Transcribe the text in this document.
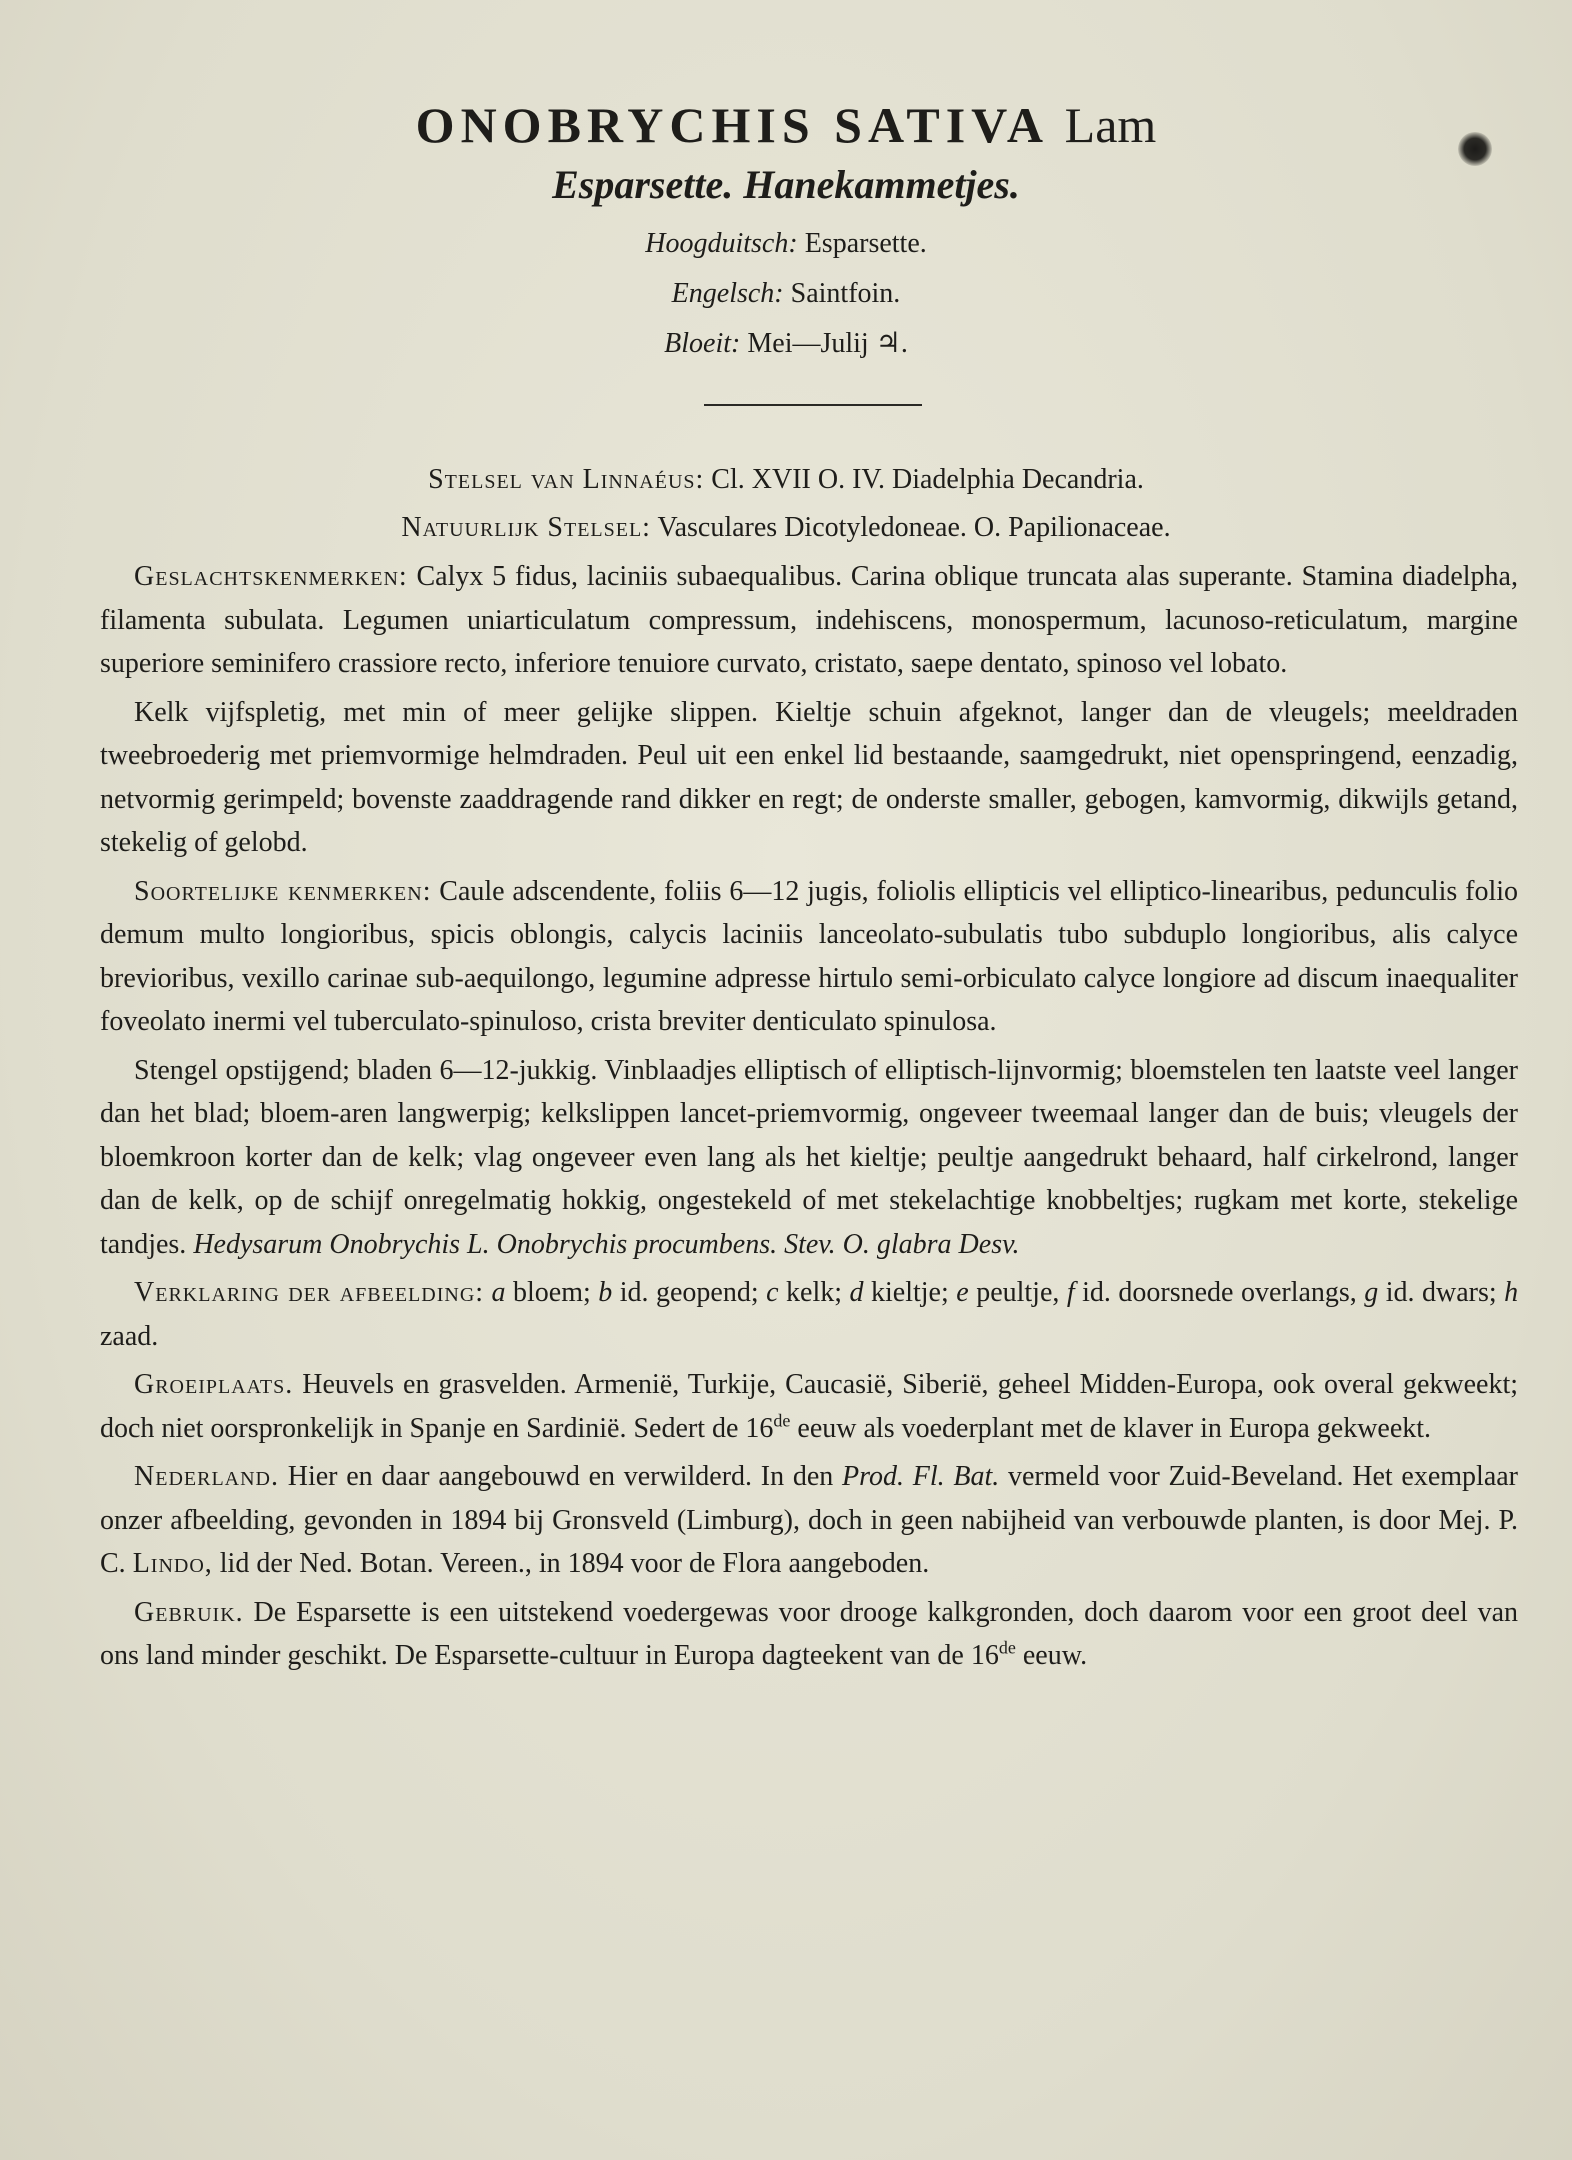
ONOBRYCHIS SATIVA Lam
Esparsette. Hanekammetjes.
Hoogduitsch: Esparsette.
Engelsch: Saintfoin.
Bloeit: Mei—Julij ♃.
Stelsel van Linnaéus: Cl. XVII O. IV. Diadelphia Decandria.
Natuurlijk Stelsel: Vasculares Dicotyledoneae. O. Papilionaceae.

Geslachtskenmerken: Calyx 5 fidus, laciniis subaequalibus. Carina oblique truncata alas superante. Stamina diadelpha, filamenta subulata. Legumen uniarticulatum compressum, indehiscens, monospermum, lacunoso-reticulatum, margine superiore seminifero crassiore recto, inferiore tenuiore curvato, cristato, saepe dentato, spinoso vel lobato.

Kelk vijfspletig, met min of meer gelijke slippen. Kieltje schuin afgeknot, langer dan de vleugels; meeldraden tweebroederig met priemvormige helmdraden. Peul uit een enkel lid bestaande, saamgedrukt, niet openspringend, eenzadig, netvormig gerimpeld; bovenste zaaddragende rand dikker en regt; de onderste smaller, gebogen, kamvormig, dikwijls getand, stekelig of gelobd.

Soortelijke kenmerken: Caule adscendente, foliis 6—12 jugis, foliolis ellipticis vel elliptico-linearibus, pedunculis folio demum multo longioribus, spicis oblongis, calycis laciniis lanceolato-subulatis tubo subduplo longioribus, alis calyce brevioribus, vexillo carinae sub-aequilongo, legumine adpresse hirtulo semi-orbiculato calyce longiore ad discum inaequaliter foveolato inermi vel tuberculato-spinuloso, crista breviter denticulato spinulosa.

Stengel opstijgend; bladen 6—12-jukkig. Vinblaadjes elliptisch of elliptisch-lijnvormig; bloemstelen ten laatste veel langer dan het blad; bloem-aren langwerpig; kelkslippen lancet-priemvormig, ongeveer tweemaal langer dan de buis; vleugels der bloemkroon korter dan de kelk; vlag ongeveer even lang als het kieltje; peultje aangedrukt behaard, half cirkelrond, langer dan de kelk, op de schijf onregelmatig hokkig, ongestekeld of met stekelachtige knobbeltjes; rugkam met korte, stekelige tandjes. Hedysarum Onobrychis L. Onobrychis procumbens. Stev. O. glabra Desv.

Verklaring der afbeelding: a bloem; b id. geopend; c kelk; d kieltje; e peultje, f id. doorsnede overlangs, g id. dwars; h zaad.

Groeiplaats. Heuvels en grasvelden. Armenië, Turkije, Caucasië, Siberië, geheel Midden-Europa, ook overal gekweekt; doch niet oorspronkelijk in Spanje en Sardinië. Sedert de 16de eeuw als voederplant met de klaver in Europa gekweekt.

Nederland. Hier en daar aangebouwd en verwilderd. In den Prod. Fl. Bat. vermeld voor Zuid-Beveland. Het exemplaar onzer afbeelding, gevonden in 1894 bij Gronsveld (Limburg), doch in geen nabijheid van verbouwde planten, is door Mej. P. C. Lindo, lid der Ned. Botan. Vereen., in 1894 voor de Flora aangeboden.

Gebruik. De Esparsette is een uitstekend voedergewas voor drooge kalkgronden, doch daarom voor een groot deel van ons land minder geschikt. De Esparsette-cultuur in Europa dagteekent van de 16de eeuw.
